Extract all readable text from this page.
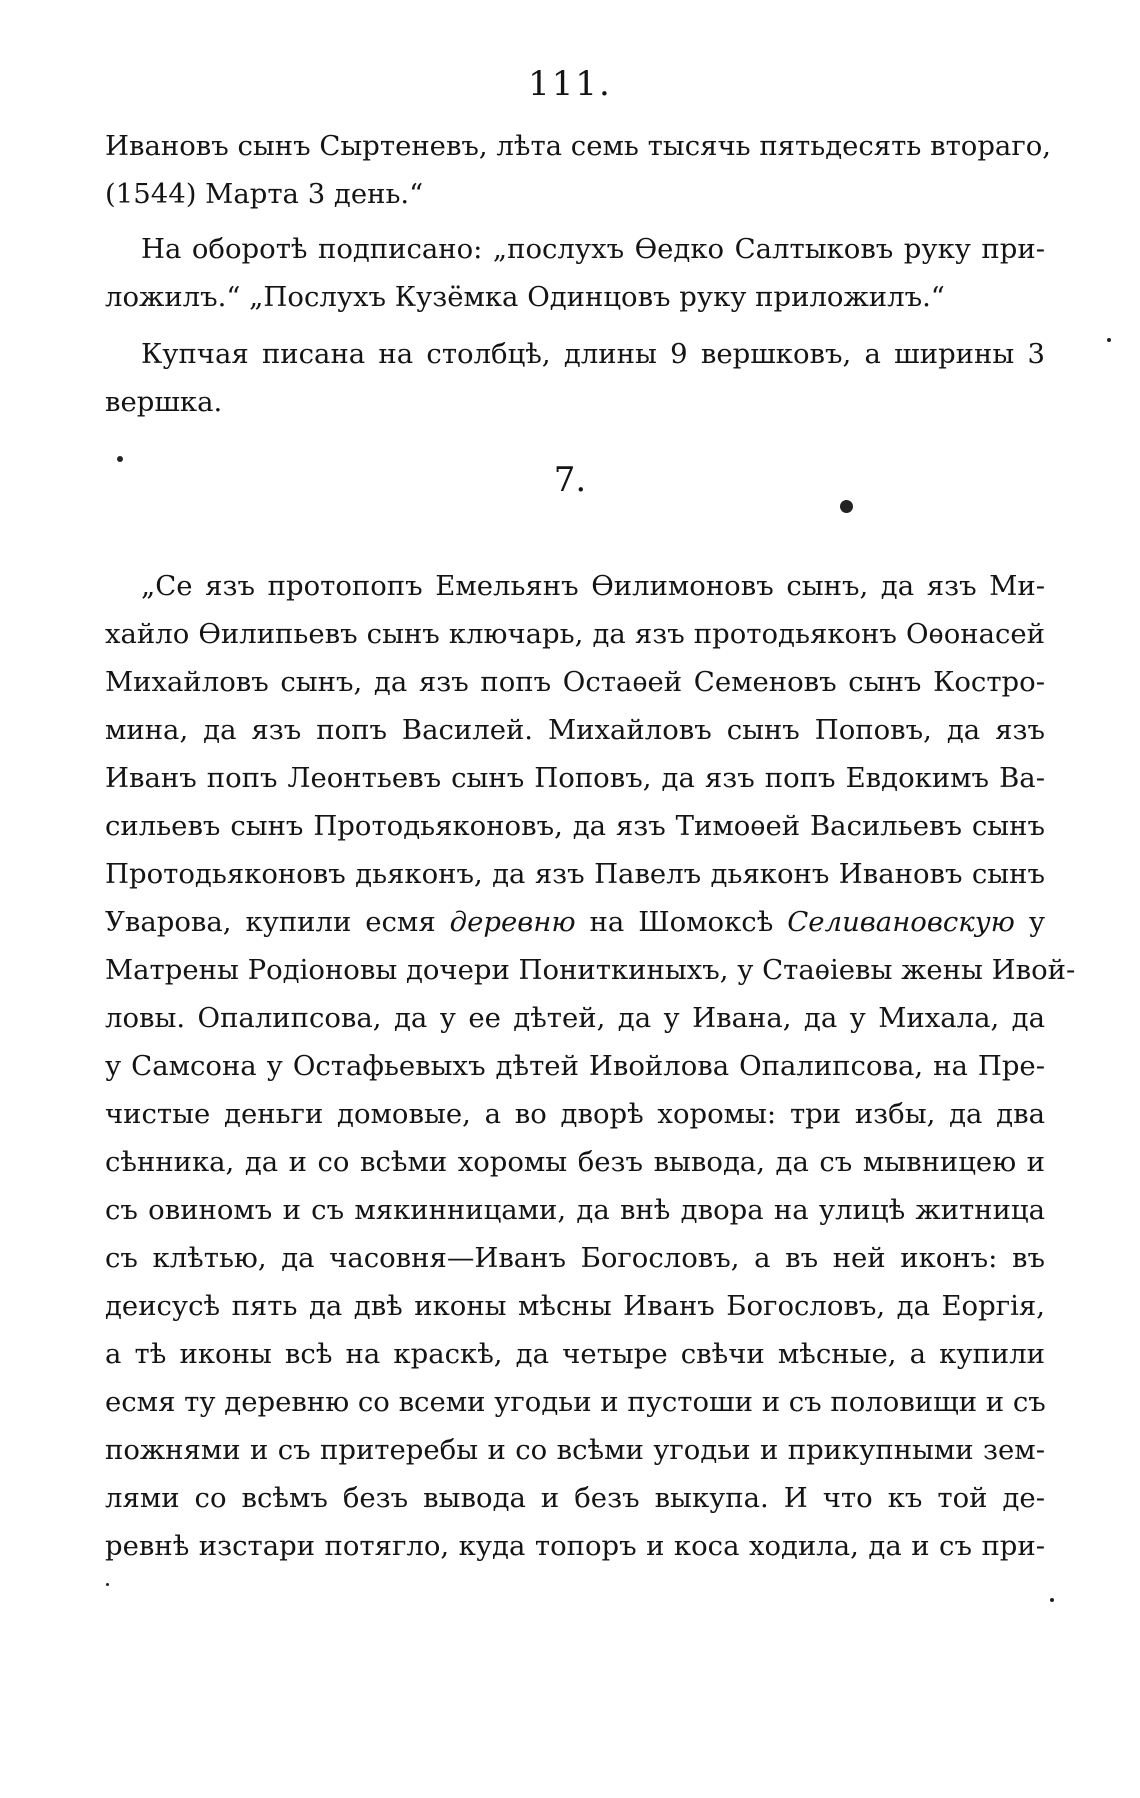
111.
Ивановъ сынъ Сыртеневъ, лѣта семь тысячь пятьдесять втораго,
(1544) Марта 3 день.“
На оборотѣ подписано: „послухъ Ѳедко Салтыковъ руку при-
ложилъ.“ „Послухъ Кузёмка Одинцовъ руку приложилъ.“
Купчая писана на столбцѣ, длины 9 вершковъ, а ширины 3
вершка.
7.
„Се язъ протопопъ Емельянъ Ѳилимоновъ сынъ, да язъ Ми-
хайло Ѳилипьевъ сынъ ключарь, да язъ протодьяконъ Оѳонасей
Михайловъ сынъ, да язъ попъ Остаѳей Семеновъ сынъ Костро-
мина, да язъ попъ Василей. Михайловъ сынъ Поповъ, да язъ
Иванъ попъ Леонтьевъ сынъ Поповъ, да язъ попъ Евдокимъ Ва-
сильевъ сынъ Протодьяконовъ, да язъ Тимоѳей Васильевъ сынъ
Протодьяконовъ дьяконъ, да язъ Павелъ дьяконъ Ивановъ сынъ
Уварова, купили есмя деревню на Шомоксѣ Селивановскую у
Матрены Родіоновы дочери Пониткиныхъ, у Стаѳіевы жены Ивой-
ловы. Опалипсова, да у ее дѣтей, да у Ивана, да у Михала, да
у Самсона у Остафьевыхъ дѣтей Ивойлова Опалипсова, на Пре-
чистые деньги домовые, а во дворѣ хоромы: три избы, да два
сѣнника, да и со всѣми хоромы безъ вывода, да съ мывницею и
съ овиномъ и съ мякинницами, да внѣ двора на улицѣ житница
съ клѣтью, да часовня—Иванъ Богословъ, а въ ней иконъ: въ
деисусѣ пять да двѣ иконы мѣсны Иванъ Богословъ, да Еоргія,
а тѣ иконы всѣ на краскѣ, да четыре свѣчи мѣсные, а купили
есмя ту деревню со всеми угодьи и пустоши и съ половищи и съ
пожнями и съ притеребы и со всѣми угодьи и прикупными зем-
лями со всѣмъ безъ вывода и безъ выкупа. И что къ той де-
ревнѣ изстари потягло, куда топоръ и коса ходила, да и съ при-
